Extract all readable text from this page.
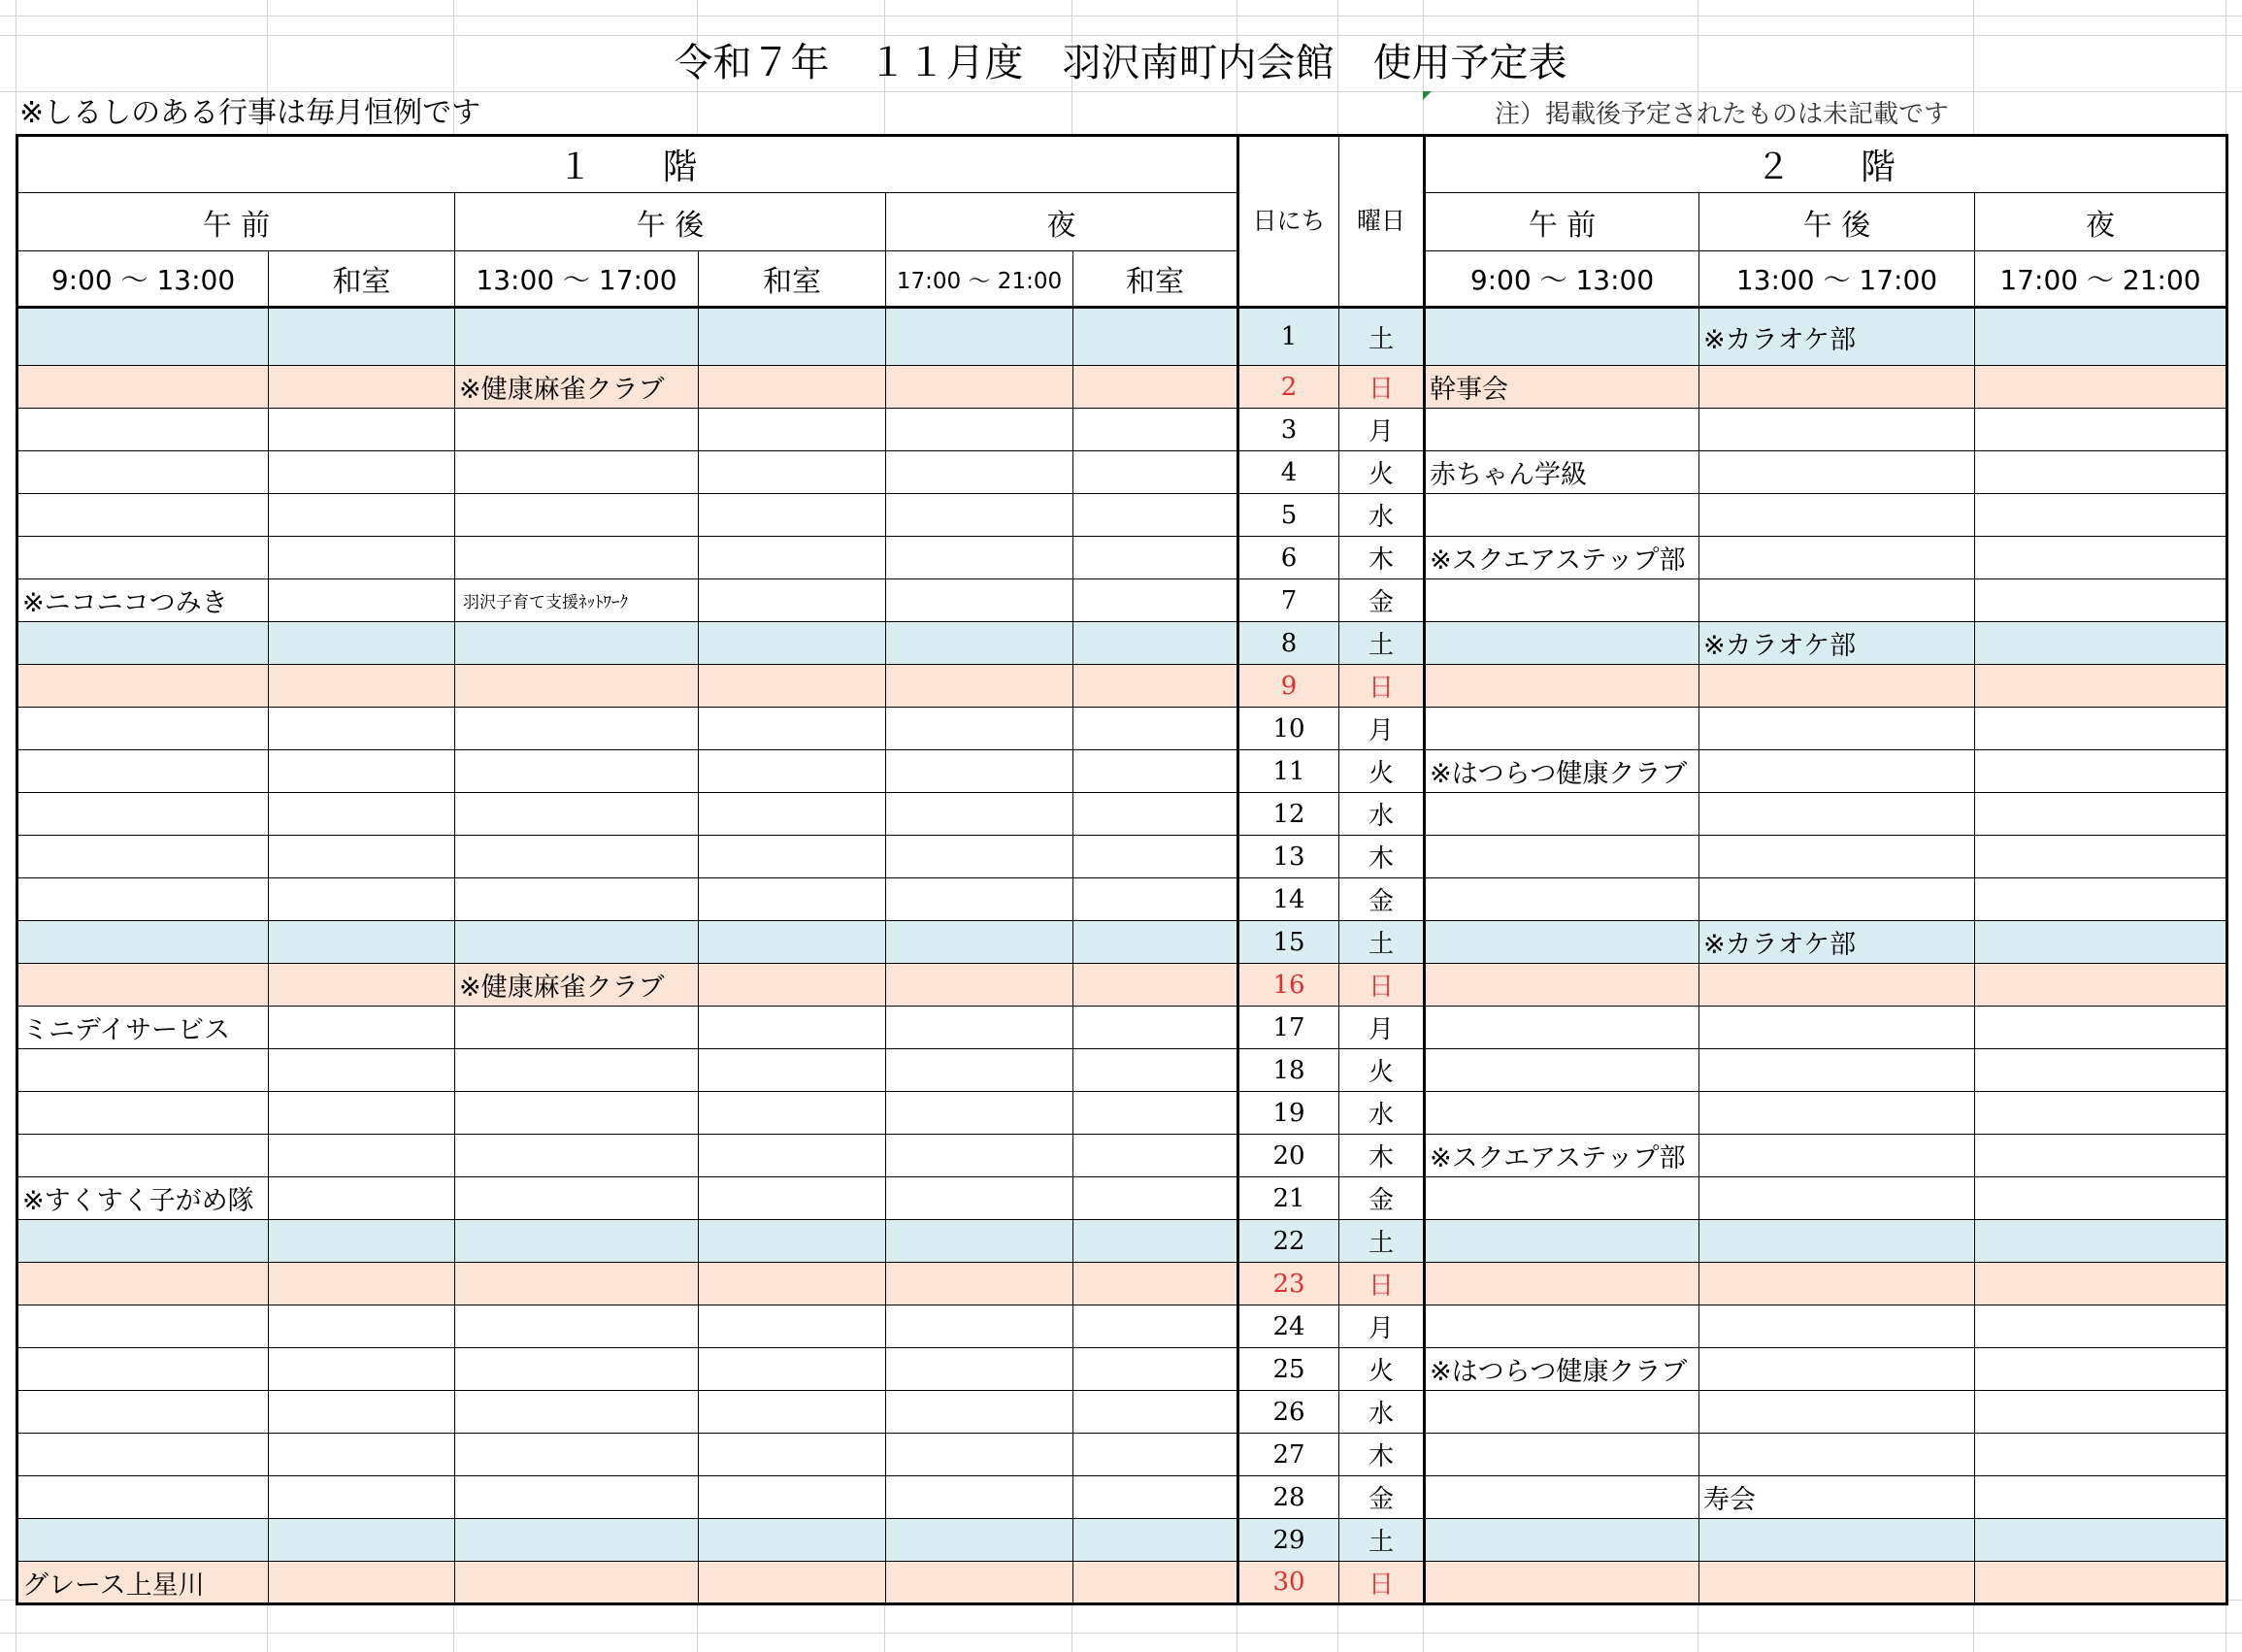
令和７年　１１月度　羽沢南町内会館　使用予定表
※しるしのある行事は毎月恒例です	注）掲載後予定されたものは未記載です
１　　階						日にち	曜日	２　　階		
午 前		午 後		夜				午 前	午 後	夜
9:00 ～ 13:00	和室	13:00 ～ 17:00	和室	17:00 ～ 21:00	和室			9:00 ～ 13:00	13:00 ～ 17:00	17:00 ～ 21:00
						1	土		※カラオケ部	
		※健康麻雀クラブ				2	日	幹事会		
						3	月			
						4	火	赤ちゃん学級		
						5	水			
						6	木	※スクエアステップ部		
※ニコニコつみき		羽沢子育て支援ﾈｯﾄﾜｰｸ				7	金			
						8	土		※カラオケ部	
						9	日			
						10	月			
						11	火	※はつらつ健康クラブ		
						12	水			
						13	木			
						14	金			
						15	土		※カラオケ部	
		※健康麻雀クラブ				16	日			
ミニデイサービス						17	月			
						18	火			
						19	水			
						20	木	※スクエアステップ部		
※すくすく子がめ隊						21	金			
						22	土			
						23	日			
						24	月			
						25	火	※はつらつ健康クラブ		
						26	水			
						27	木			
						28	金		寿会	
						29	土			
グレース上星川						30	日			
